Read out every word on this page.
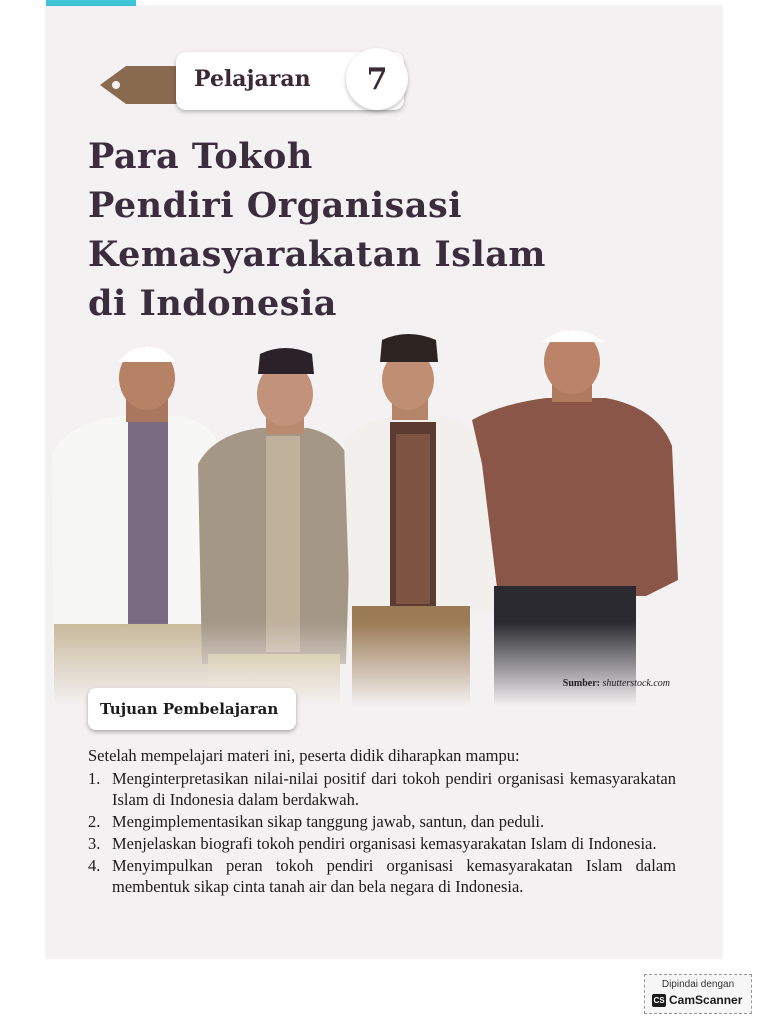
Pelajaran	7
Para Tokoh
Pendiri Organisasi
Kemasyarakatan Islam
di Indonesia
Sumber: shutterstock.com
Tujuan Pembelajaran
Setelah mempelajari materi ini, peserta didik diharapkan mampu:
1. Menginterpretasikan nilai-nilai positif dari tokoh pendiri organisasi kemasyarakatan Islam di Indonesia dalam berdakwah.
2. Mengimplementasikan sikap tanggung jawab, santun, dan peduli.
3. Menjelaskan biografi tokoh pendiri organisasi kemasyarakatan Islam di Indonesia.
4. Menyimpulkan peran tokoh pendiri organisasi kemasyarakatan Islam dalam membentuk sikap cinta tanah air dan bela negara di Indonesia.
Dipindai dengan
CS CamScanner
